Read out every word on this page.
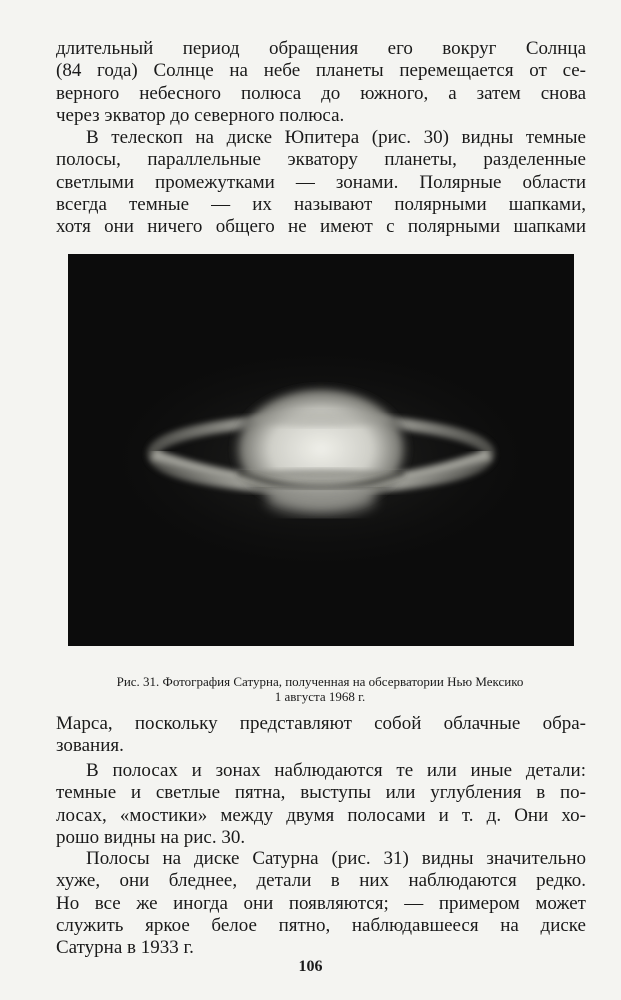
длительный период обращения его вокруг Солнца
(84 года) Солнце на небе планеты перемещается от се-
верного небесного полюса до южного, а затем снова
через экватор до северного полюса.

В телескоп на диске Юпитера (рис. 30) видны темные
полосы, параллельные экватору планеты, разделенные
светлыми промежутками — зонами. Полярные области
всегда темные — их называют полярными шапками,
хотя они ничего общего не имеют с полярными шапками

Рис. 31. Фотография Сатурна, полученная на обсерватории Нью Мексико
1 августа 1968 г.

Марса, поскольку представляют собой облачные обра-
зования.

В полосах и зонах наблюдаются те или иные детали:
темные и светлые пятна, выступы или углубления в по-
лосах, «мостики» между двумя полосами и т. д. Они хо-
рошо видны на рис. 30.

Полосы на диске Сатурна (рис. 31) видны значительно
хуже, они бледнее, детали в них наблюдаются редко.
Но все же иногда они появляются; — примером может
служить яркое белое пятно, наблюдавшееся на диске
Сатурна в 1933 г.

106
